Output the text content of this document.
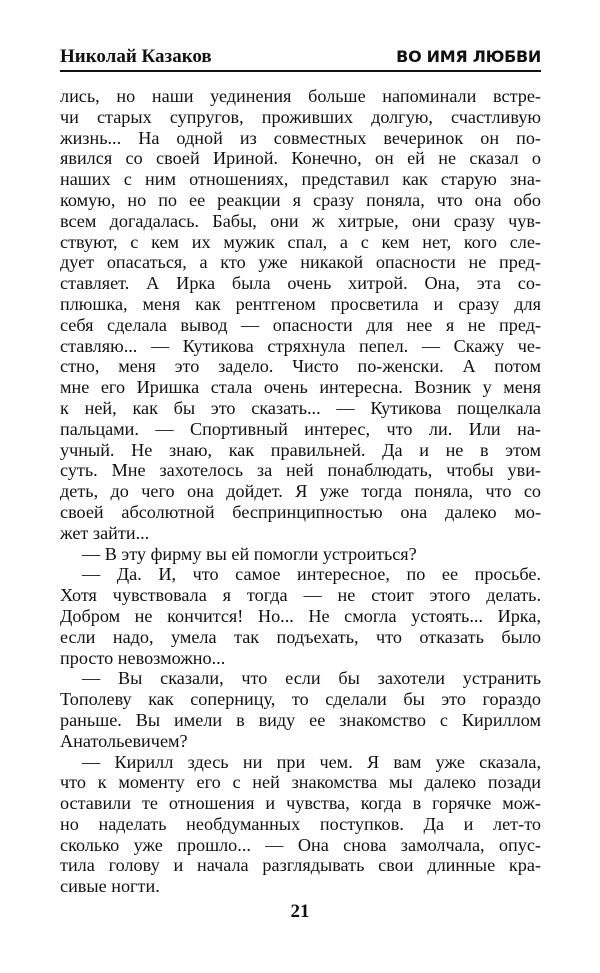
Николай Казаков	ВО ИМЯ ЛЮБВИ
лись, но наши уединения больше напоминали встре-
чи старых супругов, проживших долгую, счастливую
жизнь... На одной из совместных вечеринок он по-
явился со своей Ириной. Конечно, он ей не сказал о
наших с ним отношениях, представил как старую зна-
комую, но по ее реакции я сразу поняла, что она обо
всем догадалась. Бабы, они ж хитрые, они сразу чув-
ствуют, с кем их мужик спал, а с кем нет, кого сле-
дует опасаться, а кто уже никакой опасности не пред-
ставляет. А Ирка была очень хитрой. Она, эта со-
плюшка, меня как рентгеном просветила и сразу для
себя сделала вывод — опасности для нее я не пред-
ставляю... — Кутикова стряхнула пепел. — Скажу че-
стно, меня это задело. Чисто по-женски. А потом
мне его Иришка стала очень интересна. Возник у меня
к ней, как бы это сказать... — Кутикова пощелкала
пальцами. — Спортивный интерес, что ли. Или на-
учный. Не знаю, как правильней. Да и не в этом
суть. Мне захотелось за ней понаблюдать, чтобы уви-
деть, до чего она дойдет. Я уже тогда поняла, что со
своей абсолютной беспринципностью она далеко мо-
жет зайти...
— В эту фирму вы ей помогли устроиться?
— Да. И, что самое интересное, по ее просьбе.
Хотя чувствовала я тогда — не стоит этого делать.
Добром не кончится! Но... Не смогла устоять... Ирка,
если надо, умела так подъехать, что отказать было
просто невозможно...
— Вы сказали, что если бы захотели устранить
Тополеву как соперницу, то сделали бы это гораздо
раньше. Вы имели в виду ее знакомство с Кириллом
Анатольевичем?
— Кирилл здесь ни при чем. Я вам уже сказала,
что к моменту его с ней знакомства мы далеко позади
оставили те отношения и чувства, когда в горячке мож-
но наделать необдуманных поступков. Да и лет-то
сколько уже прошло... — Она снова замолчала, опус-
тила голову и начала разглядывать свои длинные кра-
сивые ногти.
21
